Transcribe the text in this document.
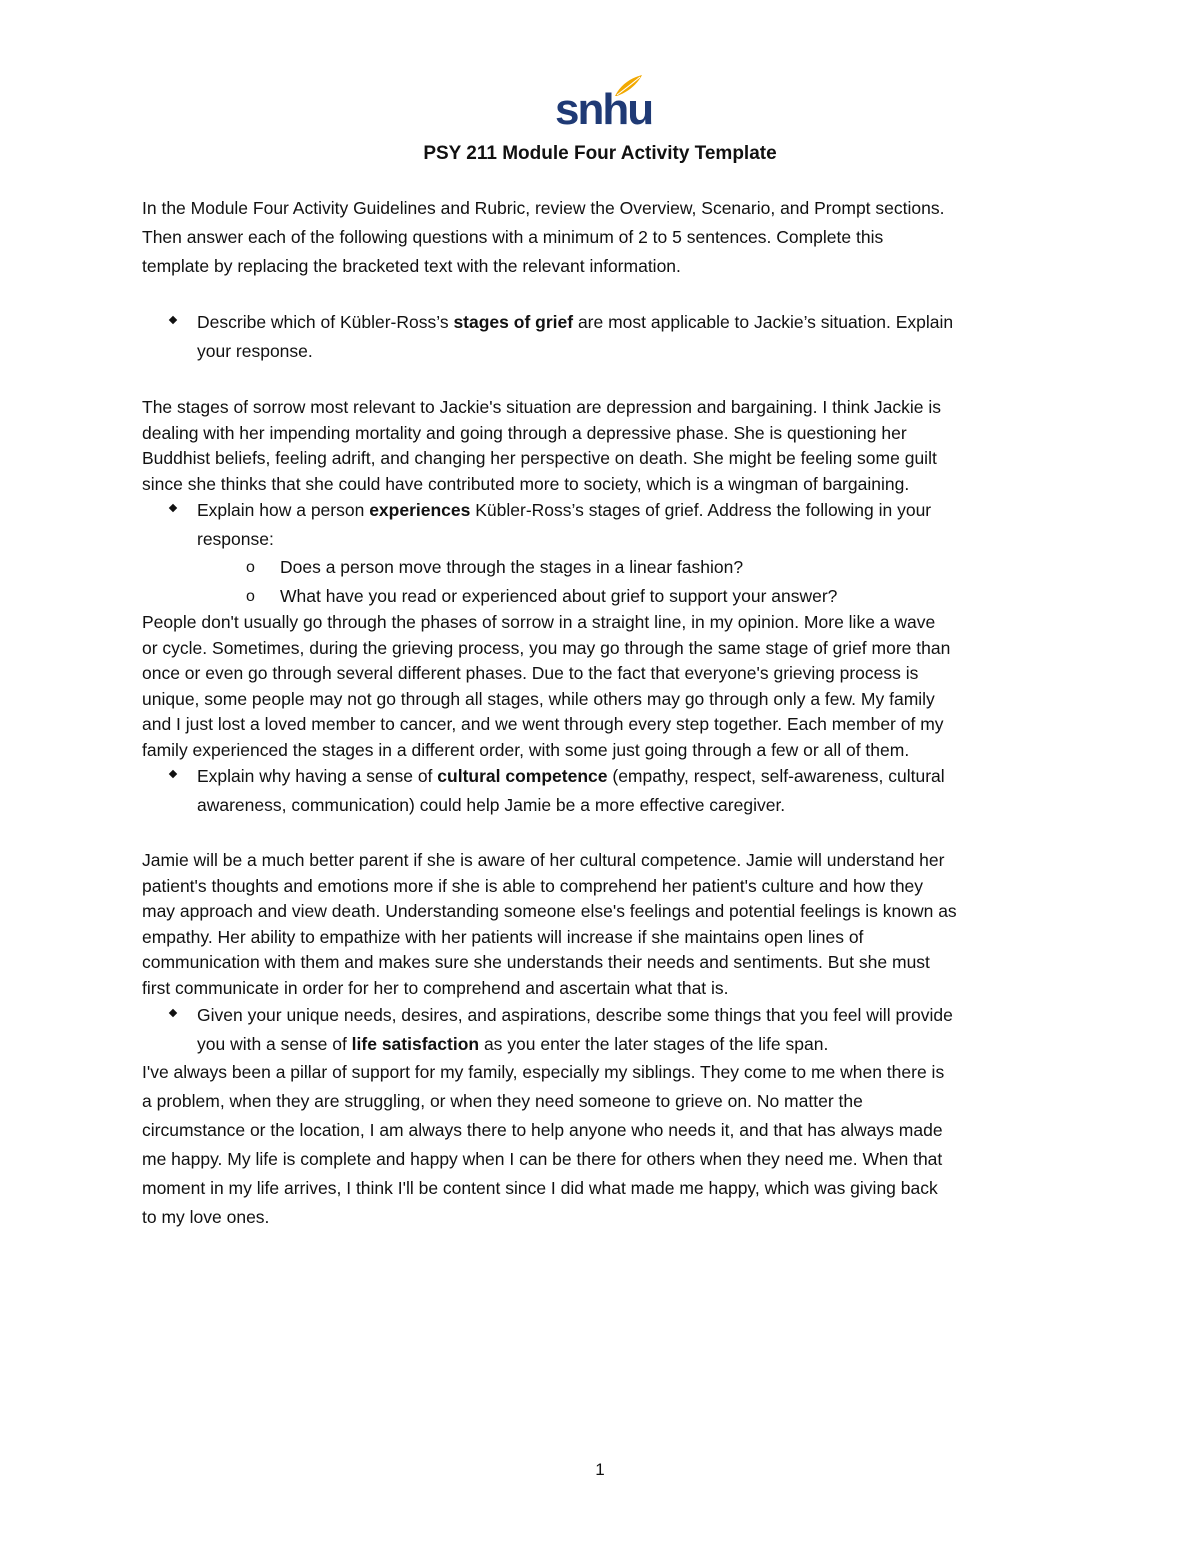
snhu
PSY 211 Module Four Activity Template
In the Module Four Activity Guidelines and Rubric, review the Overview, Scenario, and Prompt sections.
Then answer each of the following questions with a minimum of 2 to 5 sentences. Complete this
template by replacing the bracketed text with the relevant information.
Describe which of Kübler-Ross’s stages of grief are most applicable to Jackie’s situation. Explain
your response.
The stages of sorrow most relevant to Jackie's situation are depression and bargaining. I think Jackie is
dealing with her impending mortality and going through a depressive phase. She is questioning her
Buddhist beliefs, feeling adrift, and changing her perspective on death. She might be feeling some guilt
since she thinks that she could have contributed more to society, which is a wingman of bargaining.
Explain how a person experiences Kübler-Ross’s stages of grief. Address the following in your
response:
o Does a person move through the stages in a linear fashion?
o What have you read or experienced about grief to support your answer?
People don't usually go through the phases of sorrow in a straight line, in my opinion. More like a wave
or cycle. Sometimes, during the grieving process, you may go through the same stage of grief more than
once or even go through several different phases. Due to the fact that everyone's grieving process is
unique, some people may not go through all stages, while others may go through only a few. My family
and I just lost a loved member to cancer, and we went through every step together. Each member of my
family experienced the stages in a different order, with some just going through a few or all of them.
Explain why having a sense of cultural competence (empathy, respect, self-awareness, cultural
awareness, communication) could help Jamie be a more effective caregiver.
Jamie will be a much better parent if she is aware of her cultural competence. Jamie will understand her
patient's thoughts and emotions more if she is able to comprehend her patient's culture and how they
may approach and view death. Understanding someone else's feelings and potential feelings is known as
empathy. Her ability to empathize with her patients will increase if she maintains open lines of
communication with them and makes sure she understands their needs and sentiments. But she must
first communicate in order for her to comprehend and ascertain what that is.
Given your unique needs, desires, and aspirations, describe some things that you feel will provide
you with a sense of life satisfaction as you enter the later stages of the life span.
I've always been a pillar of support for my family, especially my siblings. They come to me when there is
a problem, when they are struggling, or when they need someone to grieve on. No matter the
circumstance or the location, I am always there to help anyone who needs it, and that has always made
me happy. My life is complete and happy when I can be there for others when they need me. When that
moment in my life arrives, I think I'll be content since I did what made me happy, which was giving back
to my love ones.
1
